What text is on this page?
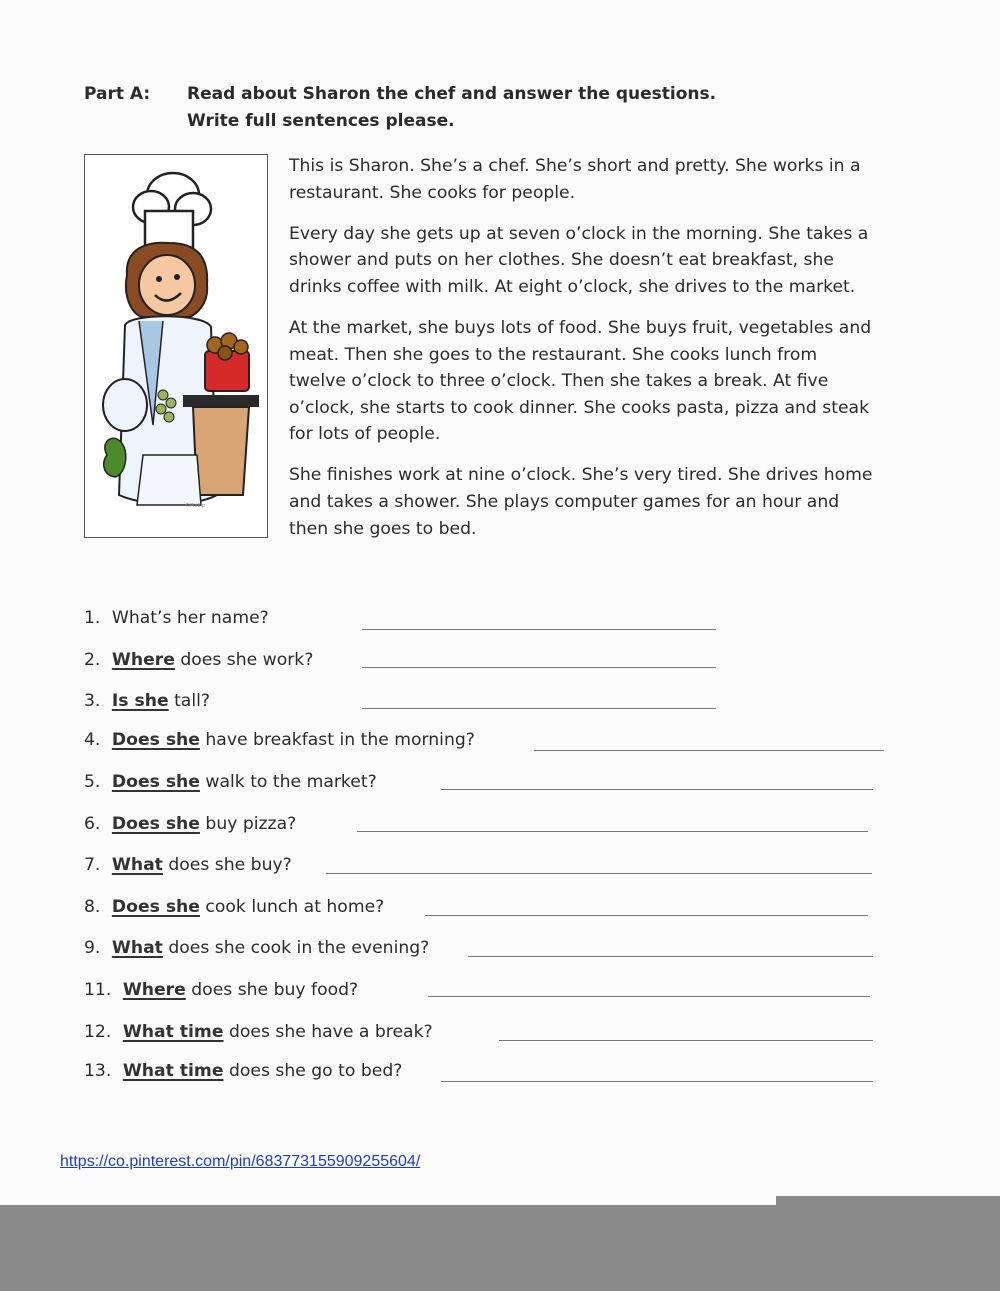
Part A: Read about Sharon the chef and answer the questions.
Write full sentences please.
©Phillip

This is Sharon. She’s a chef. She’s short and pretty. She works in a restaurant. She cooks for people.

Every day she gets up at seven o’clock in the morning. She takes a shower and puts on her clothes. She doesn’t eat breakfast, she drinks coffee with milk. At eight o’clock, she drives to the market.

At the market, she buys lots of food. She buys fruit, vegetables and meat. Then she goes to the restaurant. She cooks lunch from twelve o’clock to three o’clock. Then she takes a break. At five o’clock, she starts to cook dinner. She cooks pasta, pizza and steak for lots of people.

She finishes work at nine o’clock. She’s very tired. She drives home and takes a shower. She plays computer games for an hour and then she goes to bed.

1. What’s her name?
2. Where does she work?
3. Is she tall?
4. Does she have breakfast in the morning?
5. Does she walk to the market?
6. Does she buy pizza?
7. What does she buy?
8. Does she cook lunch at home?
9. What does she cook in the evening?
11. Where does she buy food?
12. What time does she have a break?
13. What time does she go to bed?
https://co.pinterest.com/pin/683773155909255604/
